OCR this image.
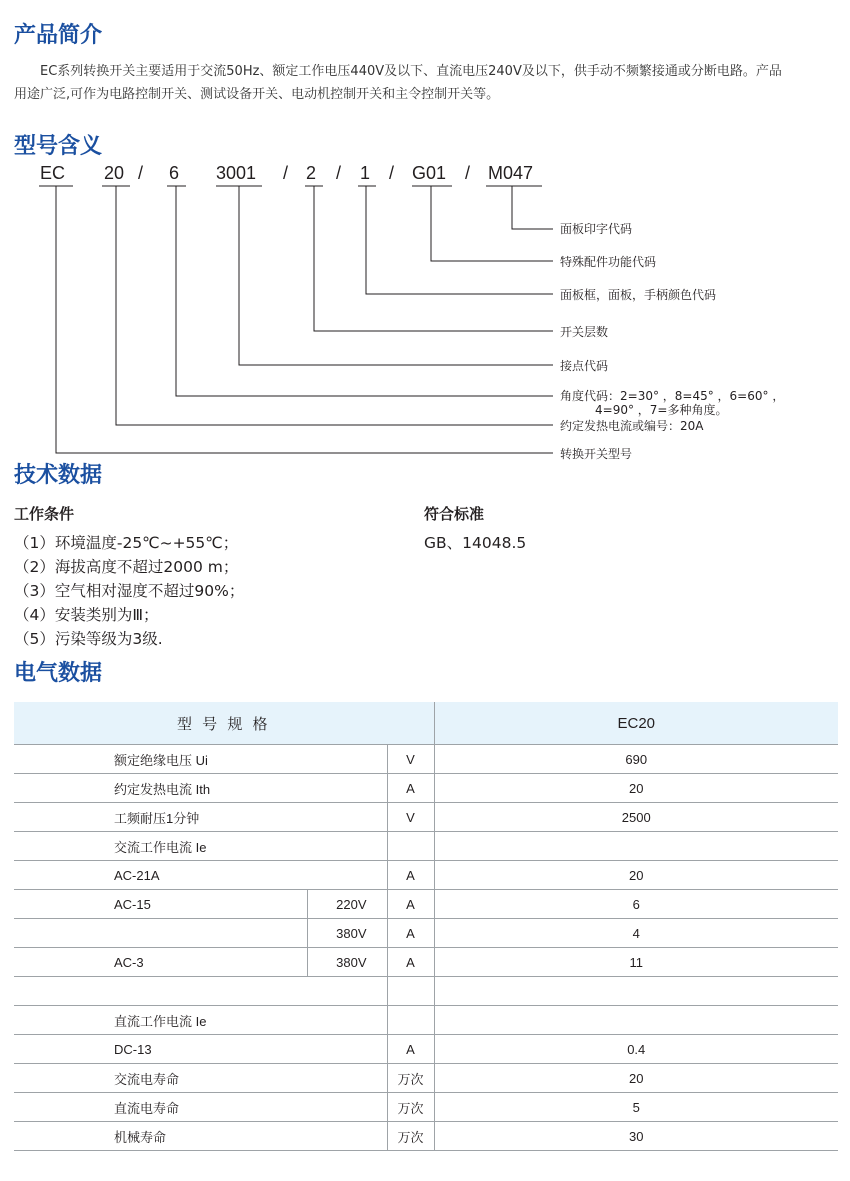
产品简介
EC系列转换开关主要适用于交流50Hz、额定工作电压440V及以下、直流电压240V及以下，供手动不频繁接通或分断电路。产品
用途广泛,可作为电路控制开关、测试设备开关、电动机控制开关和主令控制开关等。
型号含义
EC 20 / 6 3001 / 2 / 1 / G01 / M047
面板印字代码
特殊配件功能代码
面板框，面板，手柄颜色代码
开关层数
接点代码
角度代码：2=30° ，8=45° ，6=60° ，
4=90° ，7=多种角度。
约定发热电流或编号：20A
转换开关型号
技术数据
工作条件	符合标准
（1）环境温度-25℃~+55℃；
（2）海拔高度不超过2000 m；
（3）空气相对湿度不超过90%；
（4）安装类别为Ⅲ；
（5）污染等级为3级.
GB、14048.5
电气数据
型 号 规 格			EC20
额定绝缘电压 Ui		V	690
约定发热电流 Ith		A	20
工频耐压1分钟		V	2500
交流工作电流 Ie			
AC-21A		A	20
AC-15	220V	A	6
	380V	A	4
AC-3	380V	A	11

直流工作电流 Ie			
DC-13		A	0.4
交流电寿命		万次	20
直流电寿命		万次	5
机械寿命		万次	30
